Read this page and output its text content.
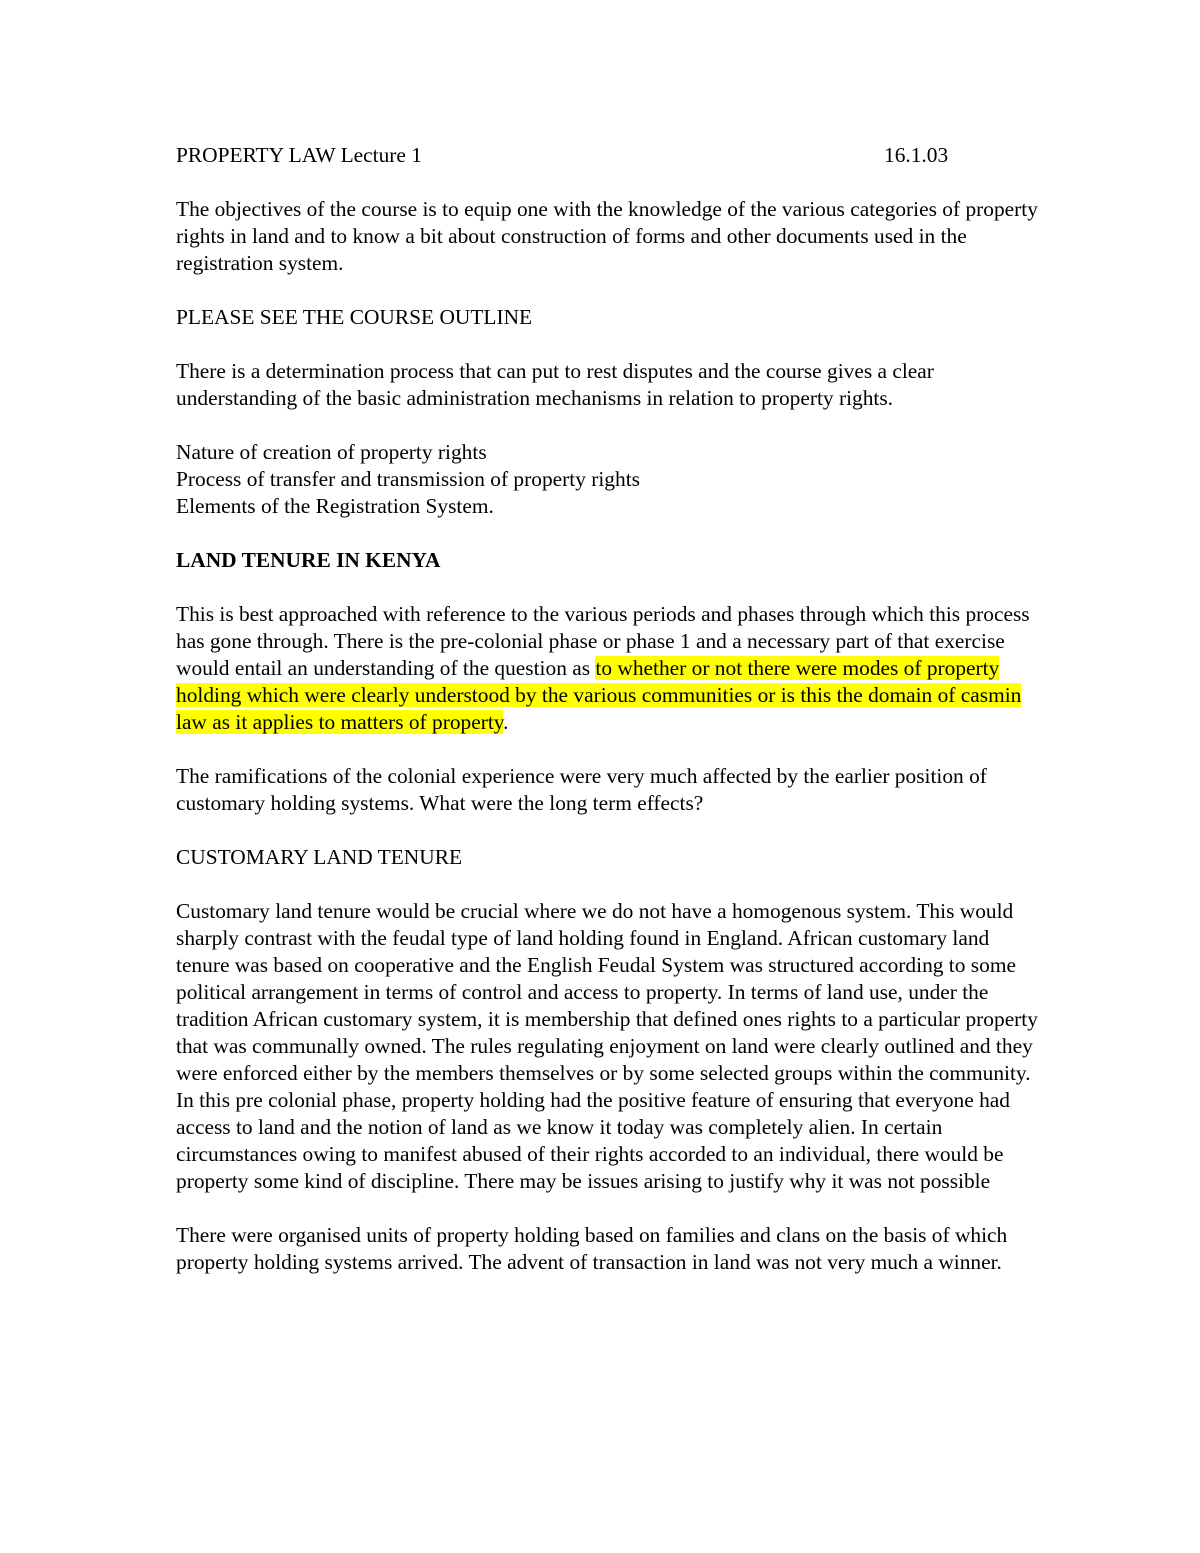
PROPERTY LAW Lecture 1	16.1.03

The objectives of the course is to equip one with the knowledge of the various categories of property rights in land and to know a bit about construction of forms and other documents used in the registration system.

PLEASE SEE THE COURSE OUTLINE

There is a determination process that can put to rest disputes and the course gives a clear understanding of the basic administration mechanisms in relation to property rights.

Nature of creation of property rights
Process of transfer and transmission of property rights
Elements of the Registration System.

LAND TENURE IN KENYA

This is best approached with reference to the various periods and phases through which this process has gone through. There is the pre-colonial phase or phase 1 and a necessary part of that exercise would entail an understanding of the question as to whether or not there were modes of property holding which were clearly understood by the various communities or is this the domain of casmin law as it applies to matters of property.

The ramifications of the colonial experience were very much affected by the earlier position of customary holding systems. What were the long term effects?

CUSTOMARY LAND TENURE

Customary land tenure would be crucial where we do not have a homogenous system. This would sharply contrast with the feudal type of land holding found in England. African customary land tenure was based on cooperative and the English Feudal System was structured according to some political arrangement in terms of control and access to property. In terms of land use, under the tradition African customary system, it is membership that defined ones rights to a particular property that was communally owned. The rules regulating enjoyment on land were clearly outlined and they were enforced either by the members themselves or by some selected groups within the community. In this pre colonial phase, property holding had the positive feature of ensuring that everyone had access to land and the notion of land as we know it today was completely alien. In certain circumstances owing to manifest abused of their rights accorded to an individual, there would be property some kind of discipline. There may be issues arising to justify why it was not possible

There were organised units of property holding based on families and clans on the basis of which property holding systems arrived. The advent of transaction in land was not very much a winner.
